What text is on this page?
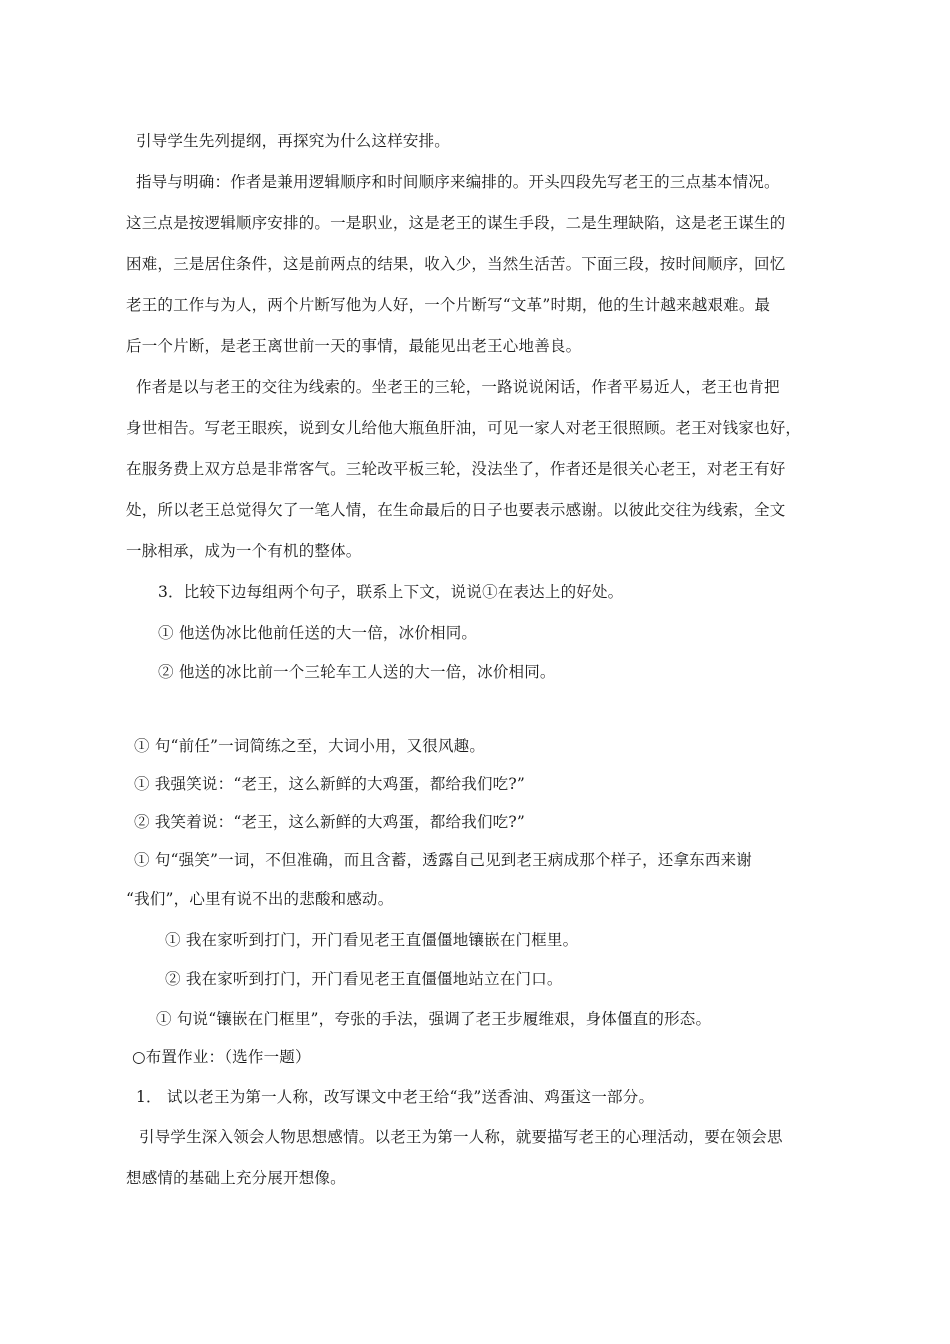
引导学生先列提纲，再探究为什么这样安排。
指导与明确：作者是兼用逻辑顺序和时间顺序来编排的。开头四段先写老王的三点基本情况。
这三点是按逻辑顺序安排的。一是职业，这是老王的谋生手段，二是生理缺陷，这是老王谋生的
困难，三是居住条件，这是前两点的结果，收入少，当然生活苦。下面三段，按时间顺序，回忆
老王的工作与为人，两个片断写他为人好，一个片断写“文革”时期，他的生计越来越艰难。最
后一个片断，是老王离世前一天的事情，最能见出老王心地善良。
作者是以与老王的交往为线索的。坐老王的三轮，一路说说闲话，作者平易近人，老王也肯把
身世相告。写老王眼疾，说到女儿给他大瓶鱼肝油，可见一家人对老王很照顾。老王对钱家也好，
在服务费上双方总是非常客气。三轮改平板三轮，没法坐了，作者还是很关心老王，对老王有好
处，所以老王总觉得欠了一笔人情，在生命最后的日子也要表示感谢。以彼此交往为线索，全文
一脉相承，成为一个有机的整体。
3．比较下边每组两个句子，联系上下文，说说①在表达上的好处。
① 他送伪冰比他前任送的大一倍，冰价相同。
② 他送的冰比前一个三轮车工人送的大一倍，冰价相同。
① 句“前任”一词简练之至，大词小用，又很风趣。
① 我强笑说：“老王，这么新鲜的大鸡蛋，都给我们吃?”
② 我笑着说：“老王，这么新鲜的大鸡蛋，都给我们吃?”
① 句“强笑”一词，不但准确，而且含蓄，透露自己见到老王病成那个样子，还拿东西来谢
“我们”，心里有说不出的悲酸和感动。
① 我在家听到打门，开门看见老王直僵僵地镶嵌在门框里。
② 我在家听到打门，开门看见老王直僵僵地站立在门口。
① 句说“镶嵌在门框里”，夸张的手法，强调了老王步履维艰，身体僵直的形态。
○布置作业：（选作一题）
1． 试以老王为第一人称，改写课文中老王给“我”送香油、鸡蛋这一部分。
引导学生深入领会人物思想感情。以老王为第一人称，就要描写老王的心理活动，要在领会思
想感情的基础上充分展开想像。
